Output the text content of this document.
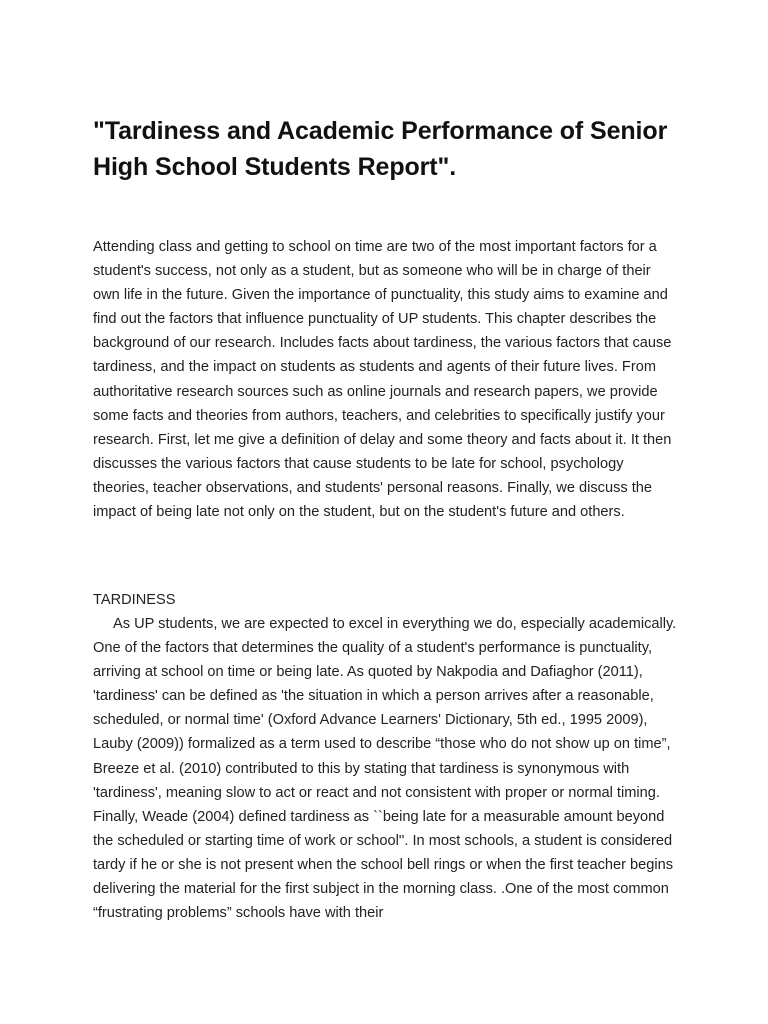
"Tardiness and Academic Performance of Senior High School Students Report".

Attending class and getting to school on time are two of the most important factors for a student's success, not only as a student, but as someone who will be in charge of their own life in the future. Given the importance of punctuality, this study aims to examine and find out the factors that influence punctuality of UP students. This chapter describes the background of our research. Includes facts about tardiness, the various factors that cause tardiness, and the impact on students as students and agents of their future lives. From authoritative research sources such as online journals and research papers, we provide some facts and theories from authors, teachers, and celebrities to specifically justify your research. First, let me give a definition of delay and some theory and facts about it. It then discusses the various factors that cause students to be late for school, psychology theories, teacher observations, and students' personal reasons. Finally, we discuss the impact of being late not only on the student, but on the student's future and others.

TARDINESS

As UP students, we are expected to excel in everything we do, especially academically. One of the factors that determines the quality of a student's performance is punctuality, arriving at school on time or being late. As quoted by Nakpodia and Dafiaghor (2011), 'tardiness' can be defined as 'the situation in which a person arrives after a reasonable, scheduled, or normal time' (Oxford Advance Learners' Dictionary, 5th ed., 1995 2009), Lauby (2009)) formalized as a term used to describe “those who do not show up on time”, Breeze et al. (2010) contributed to this by stating that tardiness is synonymous with 'tardiness', meaning slow to act or react and not consistent with proper or normal timing. Finally, Weade (2004) defined tardiness as ``being late for a measurable amount beyond the scheduled or starting time of work or school''. In most schools, a student is considered tardy if he or she is not present when the school bell rings or when the first teacher begins delivering the material for the first subject in the morning class. .One of the most common “frustrating problems” schools have with their
